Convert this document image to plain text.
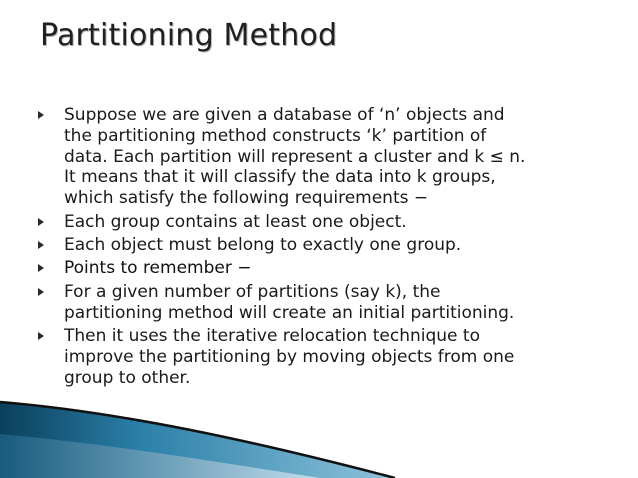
Partitioning Method
Suppose we are given a database of ‘n’ objects and
the partitioning method constructs ‘k’ partition of
data. Each partition will represent a cluster and k ≤ n.
It means that it will classify the data into k groups,
which satisfy the following requirements −
Each group contains at least one object.
Each object must belong to exactly one group.
Points to remember −
For a given number of partitions (say k), the
partitioning method will create an initial partitioning.
Then it uses the iterative relocation technique to
improve the partitioning by moving objects from one
group to other.
